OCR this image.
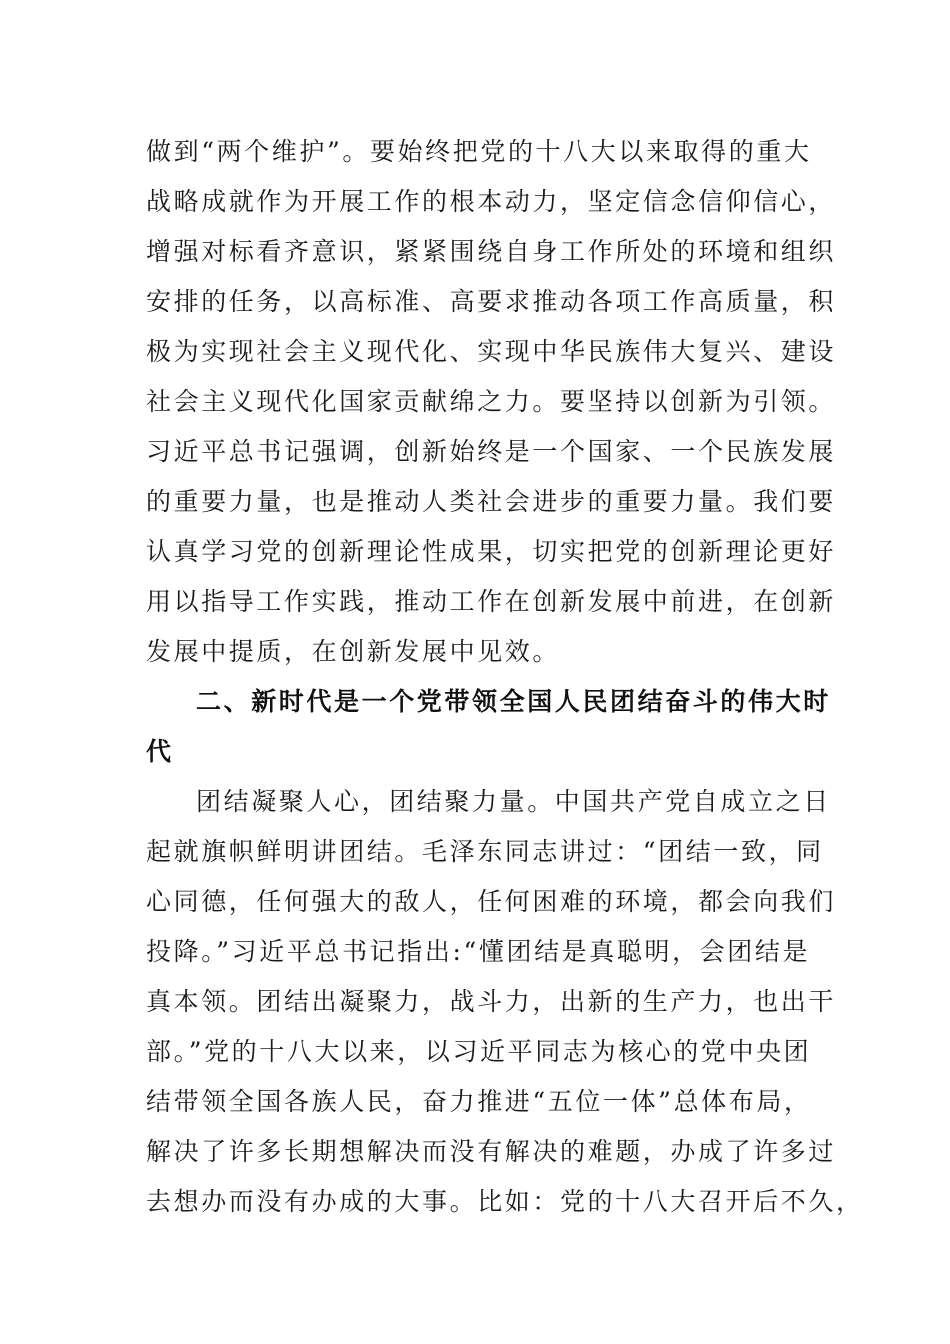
做到“两个维护”。要始终把党的十八大以来取得的重大
战略成就作为开展工作的根本动力，坚定信念信仰信心，
增强对标看齐意识，紧紧围绕自身工作所处的环境和组织
安排的任务，以高标准、高要求推动各项工作高质量，积
极为实现社会主义现代化、实现中华民族伟大复兴、建设
社会主义现代化国家贡献绵之力。要坚持以创新为引领。
习近平总书记强调，创新始终是一个国家、一个民族发展
的重要力量，也是推动人类社会进步的重要力量。我们要
认真学习党的创新理论性成果，切实把党的创新理论更好
用以指导工作实践，推动工作在创新发展中前进，在创新
发展中提质，在创新发展中见效。
二、新时代是一个党带领全国人民团结奋斗的伟大时
代
团结凝聚人心，团结聚力量。中国共产党自成立之日
起就旗帜鲜明讲团结。毛泽东同志讲过：“团结一致，同
心同德，任何强大的敌人，任何困难的环境，都会向我们
投降。”习近平总书记指出:“懂团结是真聪明，会团结是
真本领。团结出凝聚力，战斗力，出新的生产力，也出干
部。”党的十八大以来，以习近平同志为核心的党中央团
结带领全国各族人民，奋力推进“五位一体”总体布局，
解决了许多长期想解决而没有解决的难题，办成了许多过
去想办而没有办成的大事。比如：党的十八大召开后不久，
